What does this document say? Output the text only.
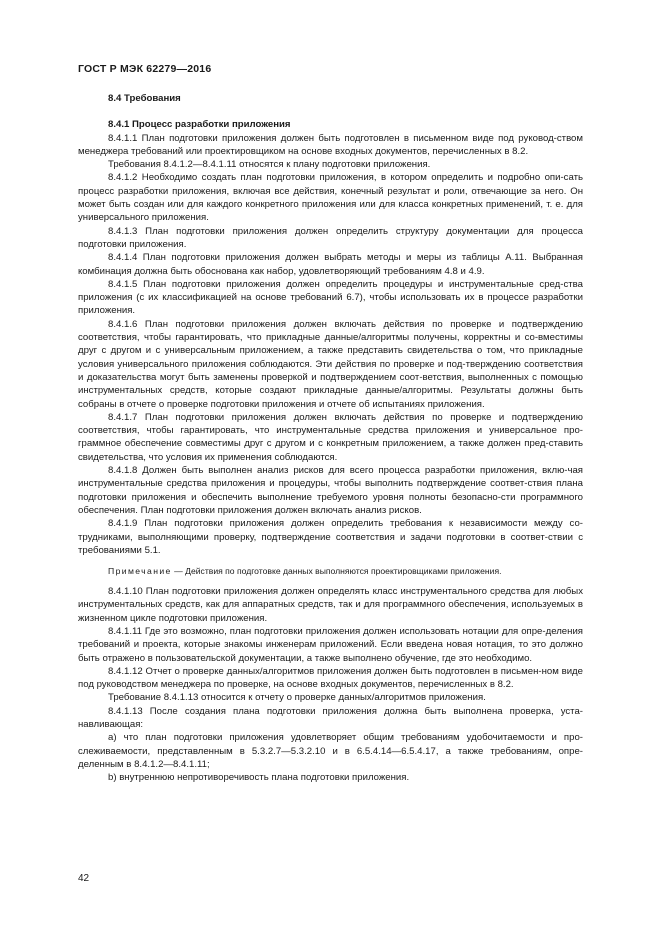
ГОСТ Р МЭК 62279—2016

8.4 Требования

8.4.1 Процесс разработки приложения

8.4.1.1 План подготовки приложения должен быть подготовлен в письменном виде под руковод-ством менеджера требований или проектировщиком на основе входных документов, перечисленных в 8.2.

Требования 8.4.1.2—8.4.1.11 относятся к плану подготовки приложения.

8.4.1.2 Необходимо создать план подготовки приложения, в котором определить и подробно опи-сать процесс разработки приложения, включая все действия, конечный результат и роли, отвечающие за него. Он может быть создан или для каждого конкретного приложения или для класса конкретных применений, т. е. для универсального приложения.

8.4.1.3 План подготовки приложения должен определить структуру документации для процесса подготовки приложения.

8.4.1.4 План подготовки приложения должен выбрать методы и меры из таблицы А.11. Выбранная комбинация должна быть обоснована как набор, удовлетворяющий требованиям 4.8 и 4.9.

8.4.1.5 План подготовки приложения должен определить процедуры и инструментальные сред-ства приложения (с их классификацией на основе требований 6.7), чтобы использовать их в процессе разработки приложения.

8.4.1.6 План подготовки приложения должен включать действия по проверке и подтверждению соответствия, чтобы гарантировать, что прикладные данные/алгоритмы получены, корректны и со-вместимы друг с другом и с универсальным приложением, а также представить свидетельства о том, что прикладные условия универсального приложения соблюдаются. Эти действия по проверке и под-тверждению соответствия и доказательства могут быть заменены проверкой и подтверждением соот-ветствия, выполненных с помощью инструментальных средств, которые создают прикладные данные/алгоритмы. Результаты должны быть собраны в отчете о проверке подготовки приложения и отчете об испытаниях приложения.

8.4.1.7 План подготовки приложения должен включать действия по проверке и подтверждению соответствия, чтобы гарантировать, что инструментальные средства приложения и универсальное про-граммное обеспечение совместимы друг с другом и с конкретным приложением, а также должен пред-ставить свидетельства, что условия их применения соблюдаются.

8.4.1.8 Должен быть выполнен анализ рисков для всего процесса разработки приложения, вклю-чая инструментальные средства приложения и процедуры, чтобы выполнить подтверждение соответ-ствия плана подготовки приложения и обеспечить выполнение требуемого уровня полноты безопасно-сти программного обеспечения. План подготовки приложения должен включать анализ рисков.

8.4.1.9 План подготовки приложения должен определить требования к независимости между со-трудниками, выполняющими проверку, подтверждение соответствия и задачи подготовки в соответ-ствии с требованиями 5.1.

Примечание — Действия по подготовке данных выполняются проектировщиками приложения.

8.4.1.10 План подготовки приложения должен определять класс инструментального средства для любых инструментальных средств, как для аппаратных средств, так и для программного обеспечения, используемых в жизненном цикле подготовки приложения.

8.4.1.11 Где это возможно, план подготовки приложения должен использовать нотации для опре-деления требований и проекта, которые знакомы инженерам приложений. Если введена новая нотация, то это должно быть отражено в пользовательской документации, а также выполнено обучение, где это необходимо.

8.4.1.12 Отчет о проверке данных/алгоритмов приложения должен быть подготовлен в письмен-ном виде под руководством менеджера по проверке, на основе входных документов, перечисленных в 8.2.

Требование 8.4.1.13 относится к отчету о проверке данных/алгоритмов приложения.

8.4.1.13 После создания плана подготовки приложения должна быть выполнена проверка, уста-навливающая:

a) что план подготовки приложения удовлетворяет общим требованиям удобочитаемости и про-слеживаемости, представленным в 5.3.2.7—5.3.2.10 и в 6.5.4.14—6.5.4.17, а также требованиям, опре-деленным в 8.4.1.2—8.4.1.11;

b) внутреннюю непротиворечивость плана подготовки приложения.

42
